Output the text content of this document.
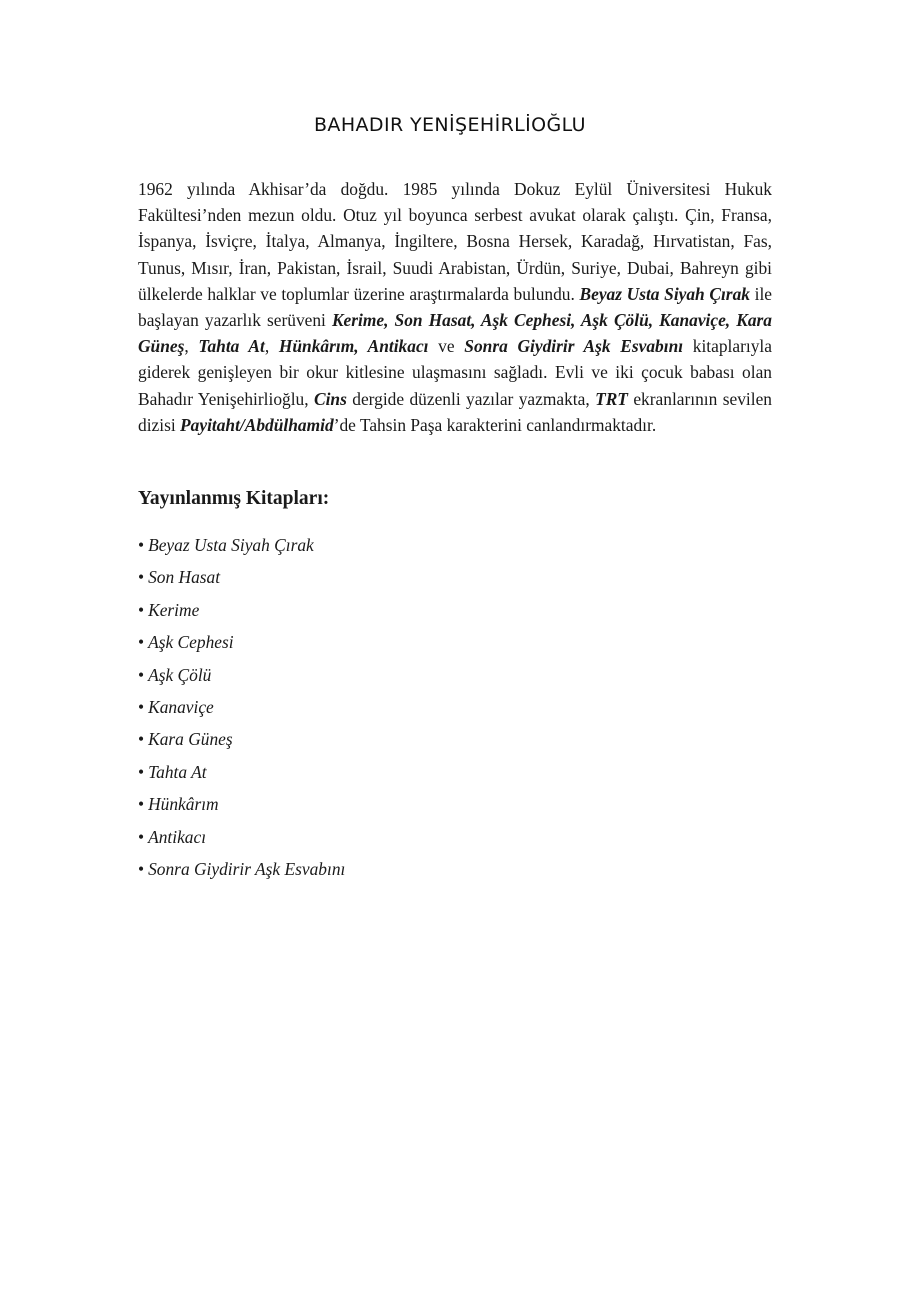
BAHADIR YENİŞEHİRLİOĞLU

1962 yılında Akhisar’da doğdu. 1985 yılında Dokuz Eylül Üniversitesi Hukuk Fakültesi’nden mezun oldu. Otuz yıl boyunca serbest avukat olarak çalıştı. Çin, Fransa, İspanya, İsviçre, İtalya, Almanya, İngiltere, Bosna Hersek, Karadağ, Hırvatistan, Fas, Tunus, Mısır, İran, Pakistan, İsrail, Suudi Arabistan, Ürdün, Suriye, Dubai, Bahreyn gibi ülkelerde halklar ve toplumlar üzerine araştırmalarda bulundu. Beyaz Usta Siyah Çırak ile başlayan yazarlık serüveni Kerime, Son Hasat, Aşk Cephesi, Aşk Çölü, Kanaviçe, Kara Güneş, Tahta At, Hünkârım, Antikacı ve Sonra Giydirir Aşk Esvabını kitaplarıyla giderek genişleyen bir okur kitlesine ulaşmasını sağladı. Evli ve iki çocuk babası olan Bahadır Yenişehirlioğlu, Cins dergide düzenli yazılar yazmakta, TRT ekranlarının sevilen dizisi Payitaht/Abdülhamid’de Tahsin Paşa karakterini canlandırmaktadır.

Yayınlanmış Kitapları:
• Beyaz Usta Siyah Çırak
• Son Hasat
• Kerime
• Aşk Cephesi
• Aşk Çölü
• Kanaviçe
• Kara Güneş
• Tahta At
• Hünkârım
• Antikacı
• Sonra Giydirir Aşk Esvabını
